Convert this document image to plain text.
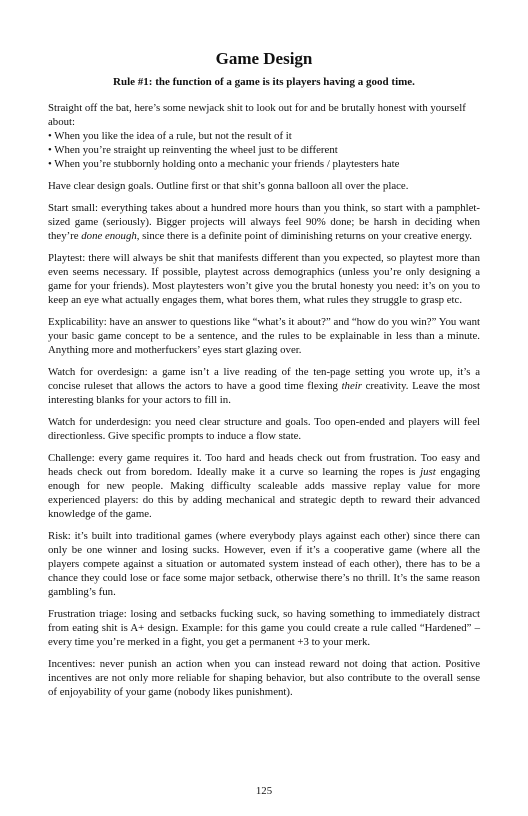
Game Design
Rule #1: the function of a game is its players having a good time.

Straight off the bat, here’s some newjack shit to look out for and be brutally honest with yourself about:
• When you like the idea of a rule, but not the result of it
• When you’re straight up reinventing the wheel just to be different
• When you’re stubbornly holding onto a mechanic your friends / playtesters hate

Have clear design goals. Outline first or that shit’s gonna balloon all over the place.

Start small: everything takes about a hundred more hours than you think, so start with a pamphlet-sized game (seriously). Bigger projects will always feel 90% done; be harsh in deciding when they’re done enough, since there is a definite point of diminishing returns on your creative energy.

Playtest: there will always be shit that manifests different than you expected, so playtest more than even seems necessary. If possible, playtest across demographics (unless you’re only designing a game for your friends). Most playtesters won’t give you the brutal honesty you need: it’s on you to keep an eye what actually engages them, what bores them, what rules they struggle to grasp etc.

Explicability: have an answer to questions like “what’s it about?” and “how do you win?” You want your basic game concept to be a sentence, and the rules to be explainable in less than a minute. Anything more and motherfuckers’ eyes start glazing over.

Watch for overdesign: a game isn’t a live reading of the ten-page setting you wrote up, it’s a concise ruleset that allows the actors to have a good time flexing their creativity. Leave the most interesting blanks for your actors to fill in.

Watch for underdesign: you need clear structure and goals. Too open-ended and players will feel directionless. Give specific prompts to induce a flow state.

Challenge: every game requires it. Too hard and heads check out from frustration. Too easy and heads check out from boredom. Ideally make it a curve so learning the ropes is just engaging enough for new people. Making difficulty scaleable adds massive replay value for more experienced players: do this by adding mechanical and strategic depth to reward their advanced knowledge of the game.

Risk: it’s built into traditional games (where everybody plays against each other) since there can only be one winner and losing sucks. However, even if it’s a cooperative game (where all the players compete against a situation or automated system instead of each other), there has to be a chance they could lose or face some major setback, otherwise there’s no thrill. It’s the same reason gambling’s fun.

Frustration triage: losing and setbacks fucking suck, so having something to immediately distract from eating shit is A+ design. Example: for this game you could create a rule called “Hardened” – every time you’re merked in a fight, you get a permanent +3 to your merk.

Incentives: never punish an action when you can instead reward not doing that action. Positive incentives are not only more reliable for shaping behavior, but also contribute to the overall sense of enjoyability of your game (nobody likes punishment).

125
